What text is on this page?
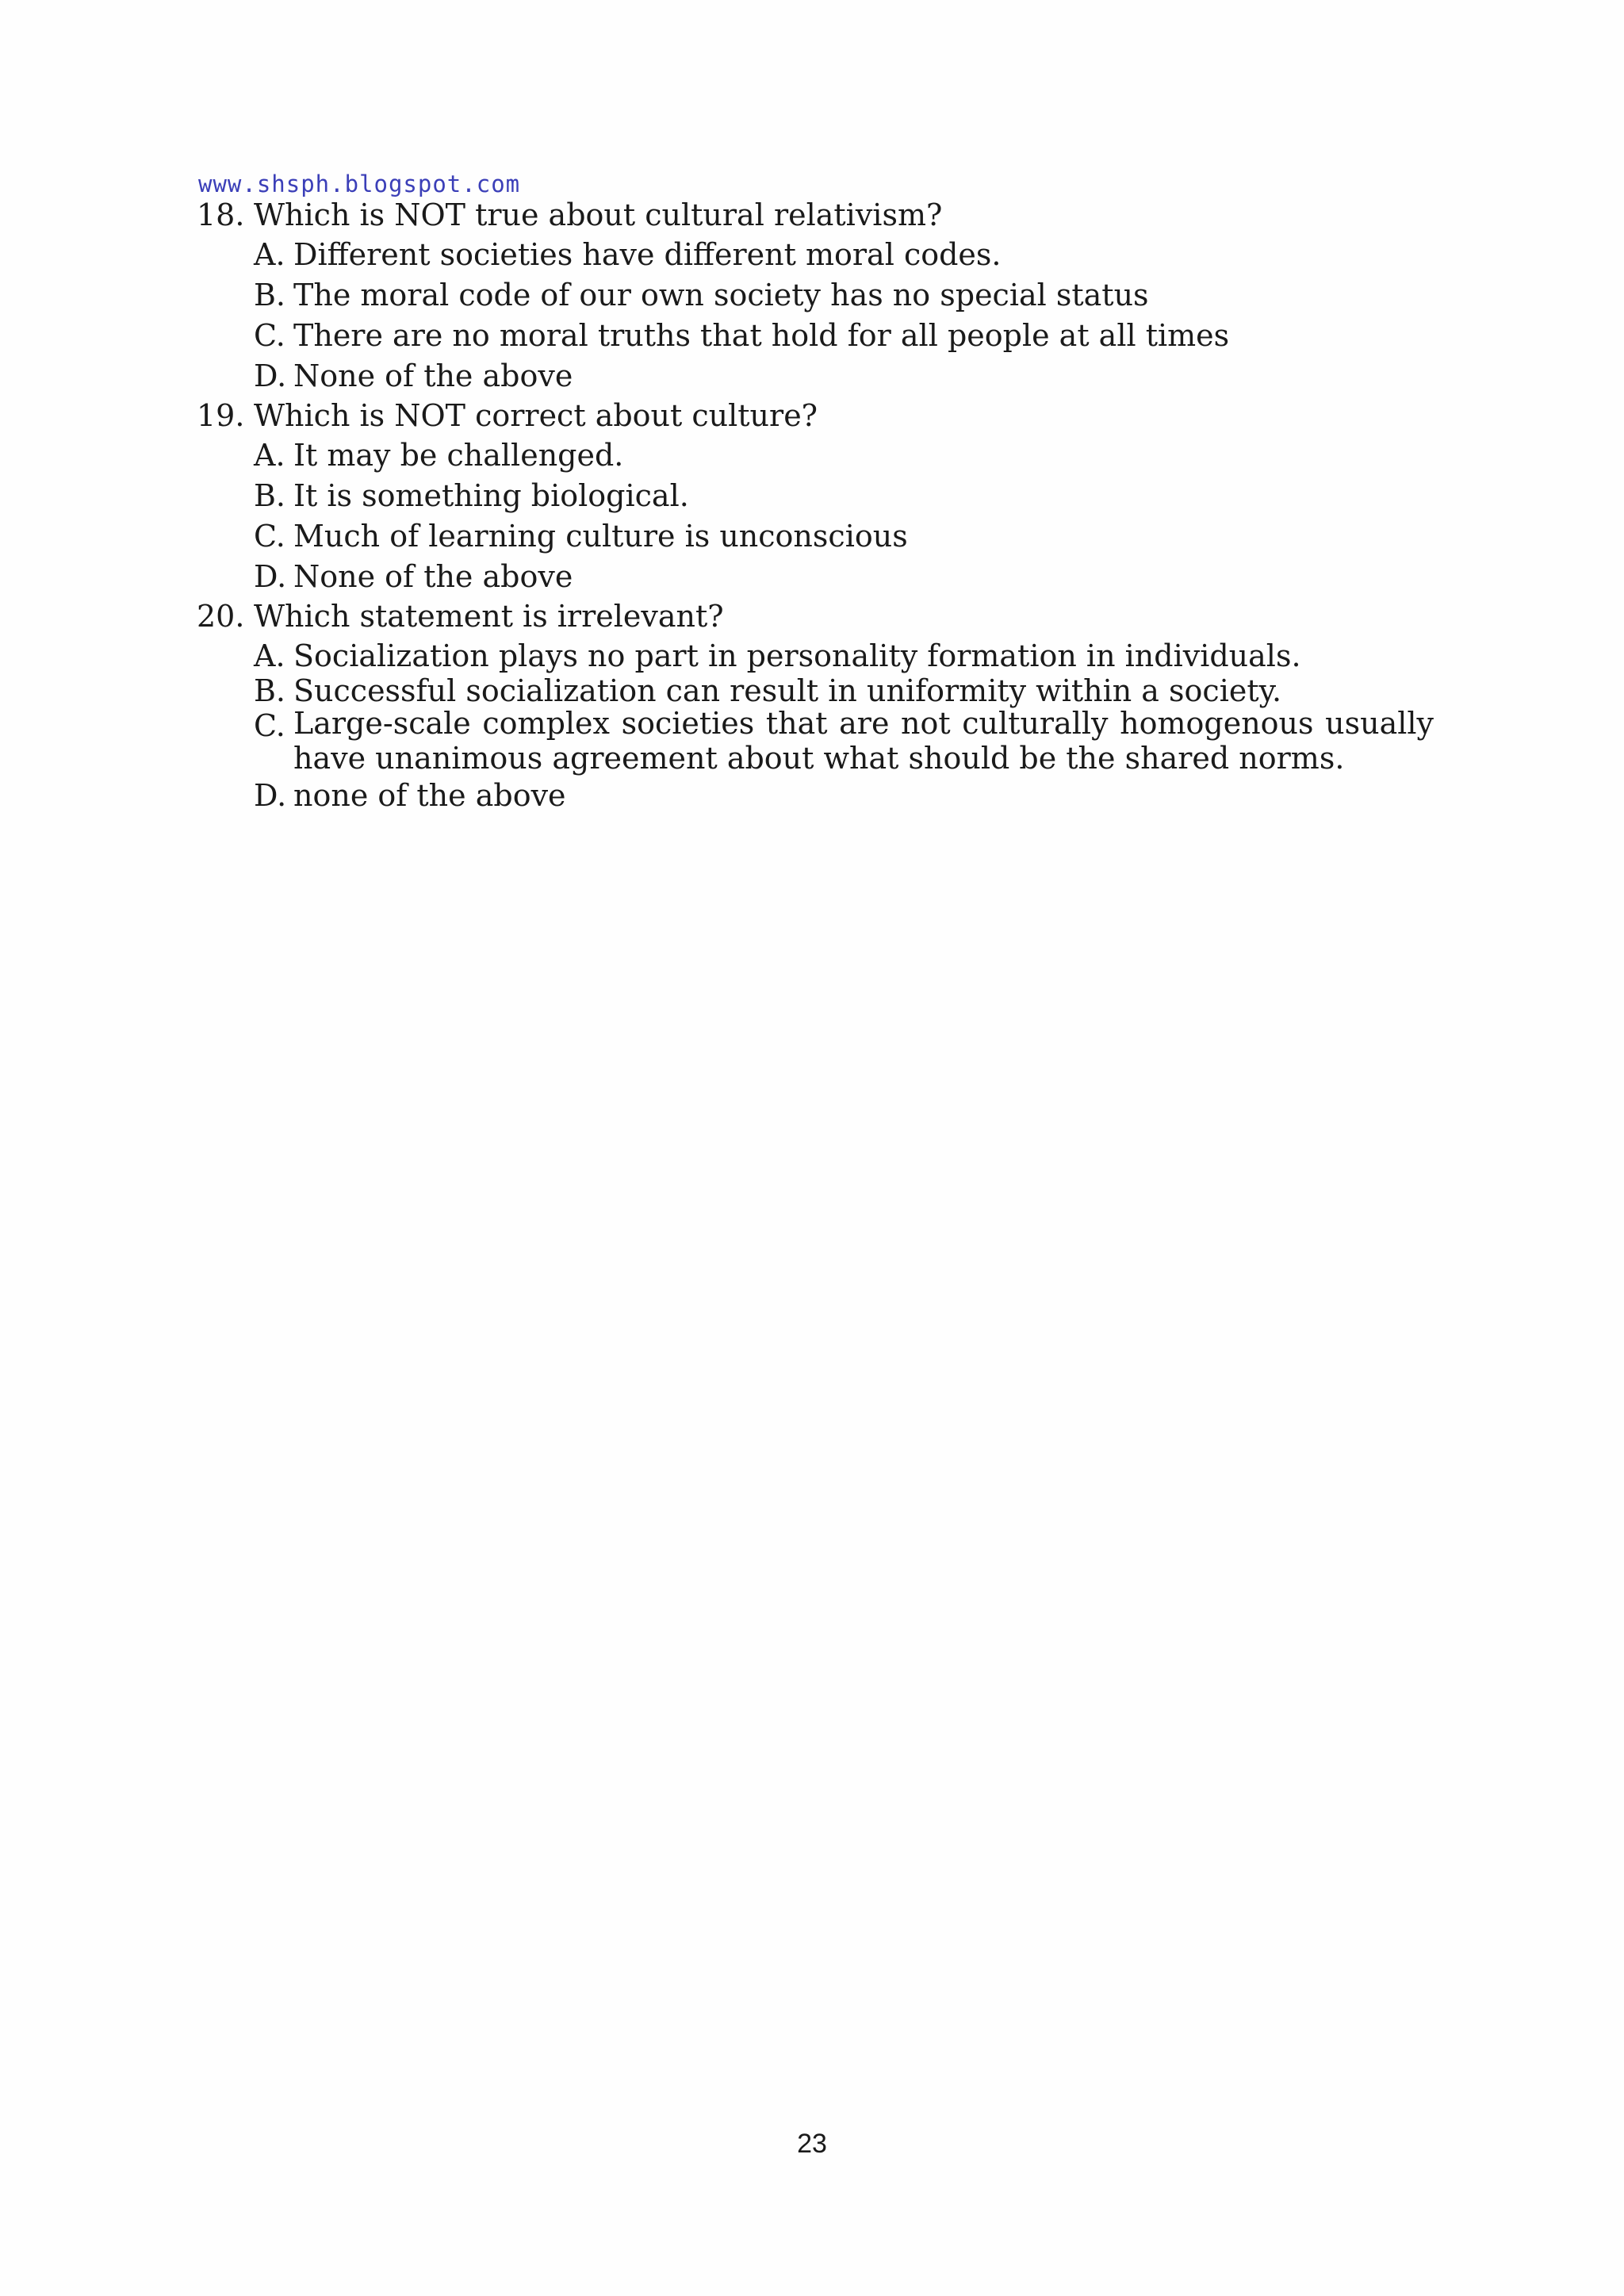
www.shsph.blogspot.com
18. Which is NOT true about cultural relativism?
A. Different societies have different moral codes.
B. The moral code of our own society has no special status
C. There are no moral truths that hold for all people at all times
D. None of the above
19. Which is NOT correct about culture?
A. It may be challenged.
B. It is something biological.
C. Much of learning culture is unconscious
D. None of the above
20. Which statement is irrelevant?
A. Socialization plays no part in personality formation in individuals.
B. Successful socialization can result in uniformity within a society.
C. Large-scale complex societies that are not culturally homogenous usually have unanimous agreement about what should be the shared norms.
D. none of the above
23
